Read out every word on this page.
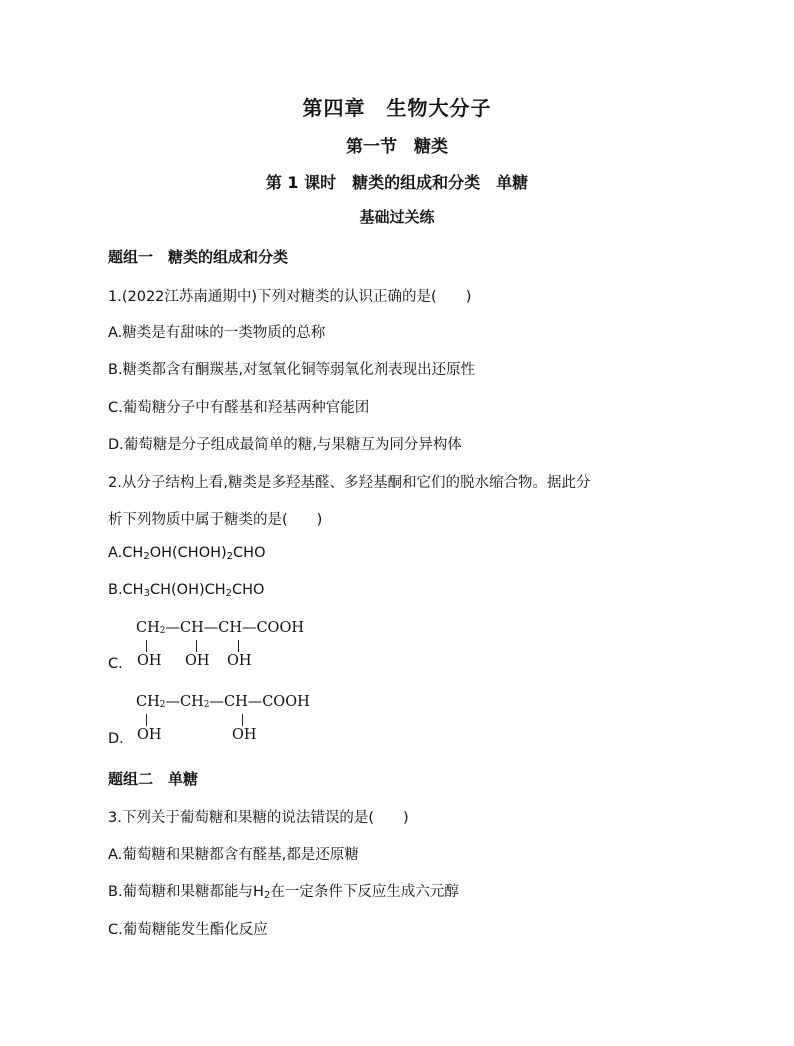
第四章　生物大分子
第一节　糖类
第 1 课时　糖类的组成和分类　单糖
基础过关练
题组一　糖类的组成和分类
1.(2022江苏南通期中)下列对糖类的认识正确的是(　　)
A.糖类是有甜味的一类物质的总称
B.糖类都含有酮羰基,对氢氧化铜等弱氧化剂表现出还原性
C.葡萄糖分子中有醛基和羟基两种官能团
D.葡萄糖是分子组成最简单的糖,与果糖互为同分异构体
2.从分子结构上看,糖类是多羟基醛、多羟基酮和它们的脱水缩合物。据此分
析下列物质中属于糖类的是(　　)
$A.CH_2OH(CHOH)_2CHO$
$B.CH_3CH(OH)CH_2CHO$
C.
$CH_2—CH—CH—COOH$
OH OH OH
D.
$CH_2—CH_2—CH—COOH$
OH	OH
题组二　单糖
3.下列关于葡萄糖和果糖的说法错误的是(　　)
A.葡萄糖和果糖都含有醛基,都是还原糖
B.葡萄糖和果糖都能与$H_2$在一定条件下反应生成六元醇
C.葡萄糖能发生酯化反应
